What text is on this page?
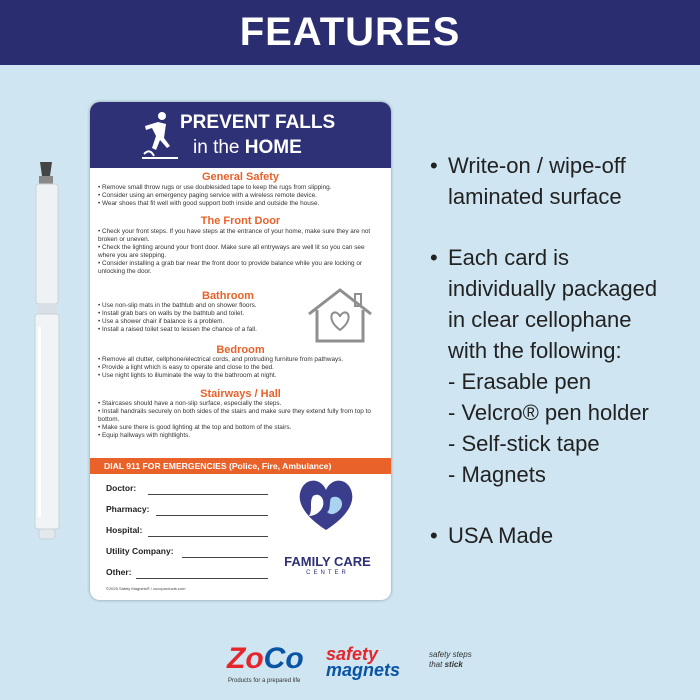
FEATURES
PREVENT FALLS
in the HOME
General Safety
• Remove small throw rugs or use doublesided tape to keep the rugs from slipping.
• Consider using an emergency paging service with a wireless remote device.
• Wear shoes that fit well with good support both inside and outside the house.
The Front Door
• Check your front steps. If you have steps at the entrance of your home, make sure they are not broken or uneven.
• Check the lighting around your front door. Make sure all entryways are well lit so you can see where you are stepping.
• Consider installing a grab bar near the front door to provide balance while you are locking or unlocking the door.
Bathroom
• Use non-slip mats in the bathtub and on shower floors.
• Install grab bars on walls by the bathtub and toilet.
• Use a shower chair if balance is a problem.
• Install a raised toilet seat to lessen the chance of a fall.
Bedroom
• Remove all clutter, cellphone/electrical cords, and protruding furniture from pathways.
• Provide a light which is easy to operate and close to the bed.
• Use night lights to illuminate the way to the bathroom at night.
Stairways / Hall
• Staircases should have a non-slip surface, especially the steps.
• Install handrails securely on both sides of the stairs and make sure they extend fully from top to bottom.
• Make sure there is good lighting at the top and bottom of the stairs.
• Equip hallways with nightlights.
DIAL 911 FOR EMERGENCIES (Police, Fire, Ambulance)
Doctor:
Pharmacy:
Hospital:
Utility Company:
Other:
FAMILY CARE
CENTER
©2025 Safety Magnets® / zocoproducts.com
• Write-on / wipe-off
laminated surface
• Each card is
individually packaged
in clear cellophane
with the following:
- Erasable pen
- Velcro® pen holder
- Self-stick tape
- Magnets
• USA Made
ZoCo
Products for a prepared life
safety
magnets
safety steps
that stick
